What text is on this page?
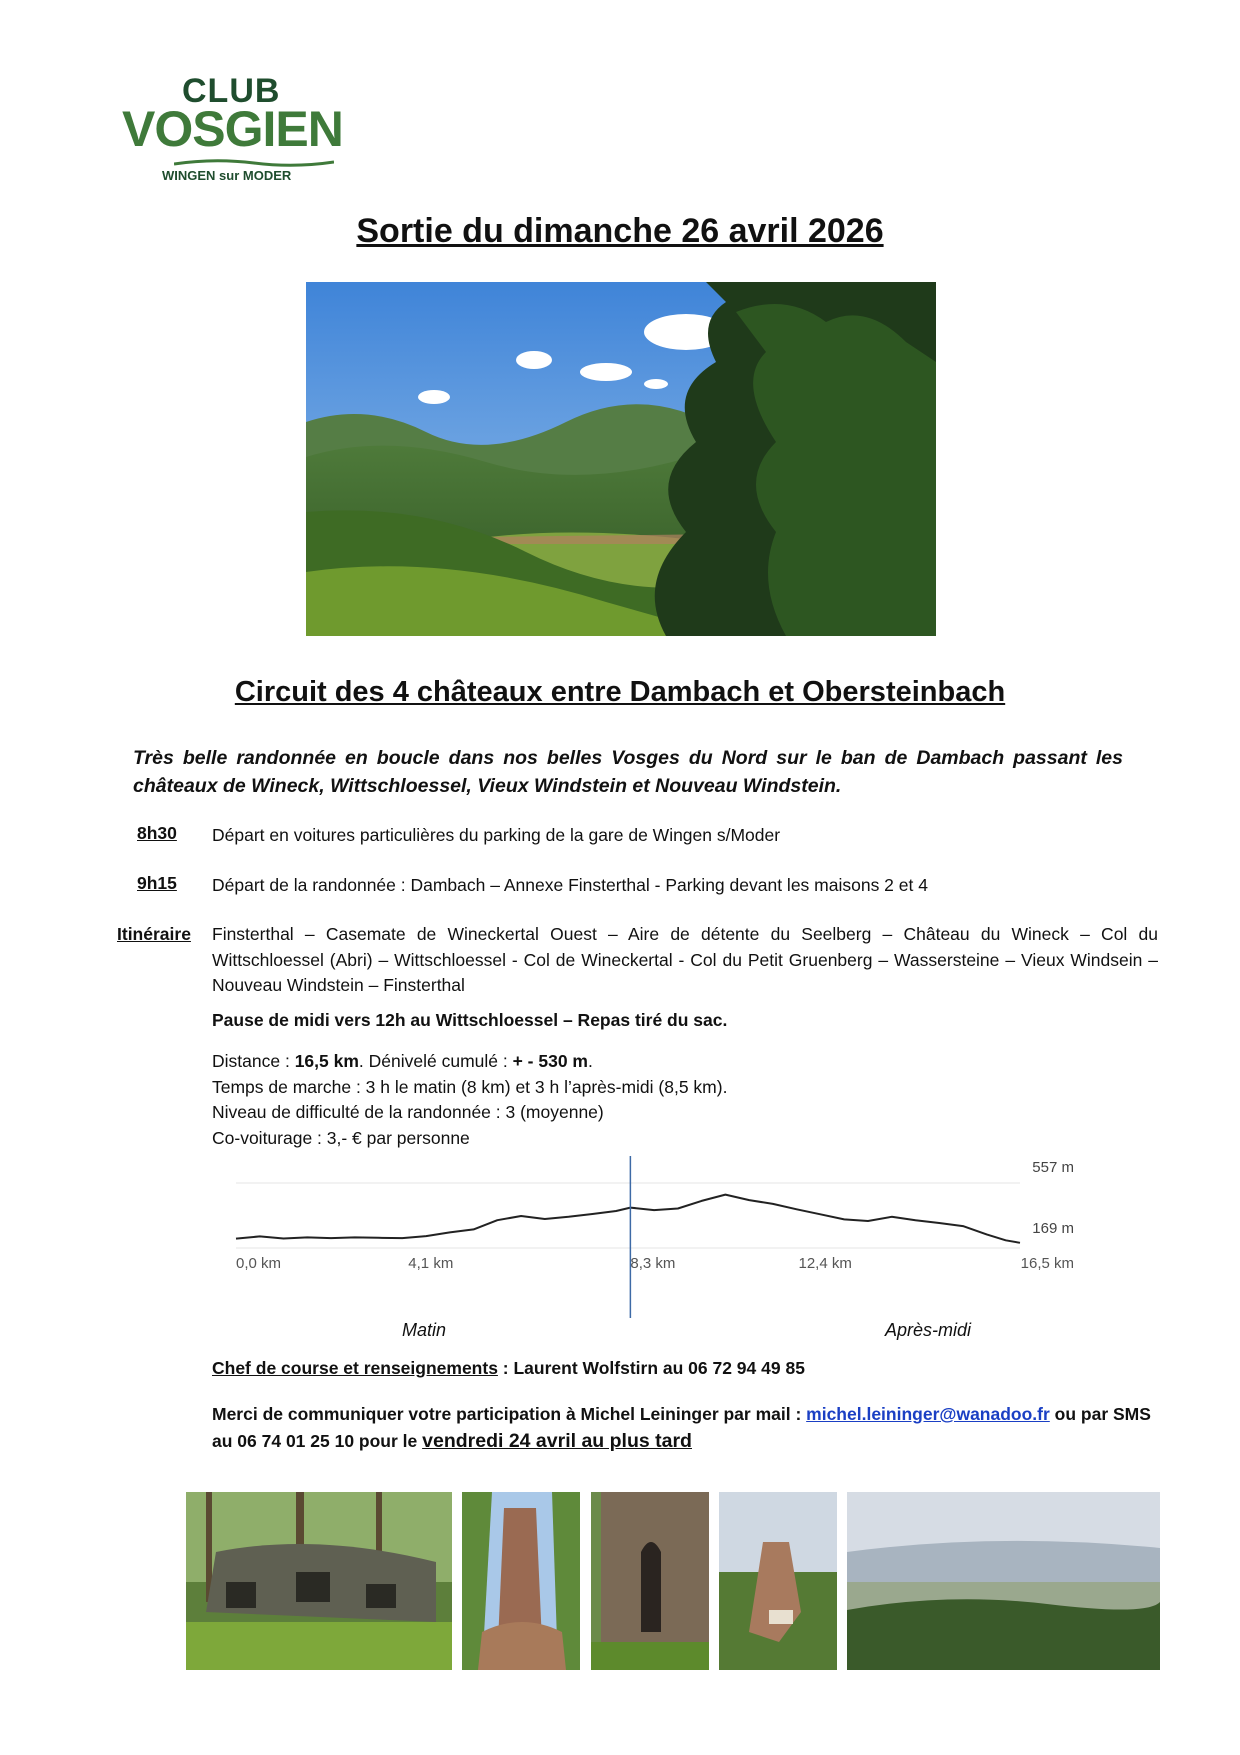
CLUB
VOSGIEN
WINGEN sur MODER
Sortie du dimanche 26 avril 2026
Circuit des 4 châteaux entre Dambach et Obersteinbach
Très belle randonnée en boucle dans nos belles Vosges du Nord sur le ban de Dambach passant les châteaux de Wineck, Wittschloessel, Vieux Windstein et Nouveau Windstein.
8h30 Départ en voitures particulières du parking de la gare de Wingen s/Moder
9h15 Départ de la randonnée : Dambach – Annexe Finsterthal - Parking devant les maisons 2 et 4
Itinéraire Finsterthal – Casemate de Wineckertal Ouest – Aire de détente du Seelberg – Château du Wineck – Col du Wittschloessel (Abri) – Wittschloessel - Col de Wineckertal - Col du Petit Gruenberg – Wassersteine – Vieux Windsein – Nouveau Windstein – Finsterthal
Pause de midi vers 12h au Wittschloessel – Repas tiré du sac.
Distance : 16,5 km. Dénivelé cumulé : + - 530 m.
Temps de marche : 3 h le matin (8 km) et 3 h l’après-midi (8,5 km).
Niveau de difficulté de la randonnée : 3 (moyenne)
Co-voiturage : 3,- € par personne
557 m
169 m
0,0 km	4,1 km	8,3 km	12,4 km	16,5 km
Matin	Après-midi
Chef de course et renseignements : Laurent Wolfstirn au 06 72 94 49 85
Merci de communiquer votre participation à Michel Leininger par mail : michel.leininger@wanadoo.fr ou par SMS au 06 74 01 25 10 pour le vendredi 24 avril au plus tard
